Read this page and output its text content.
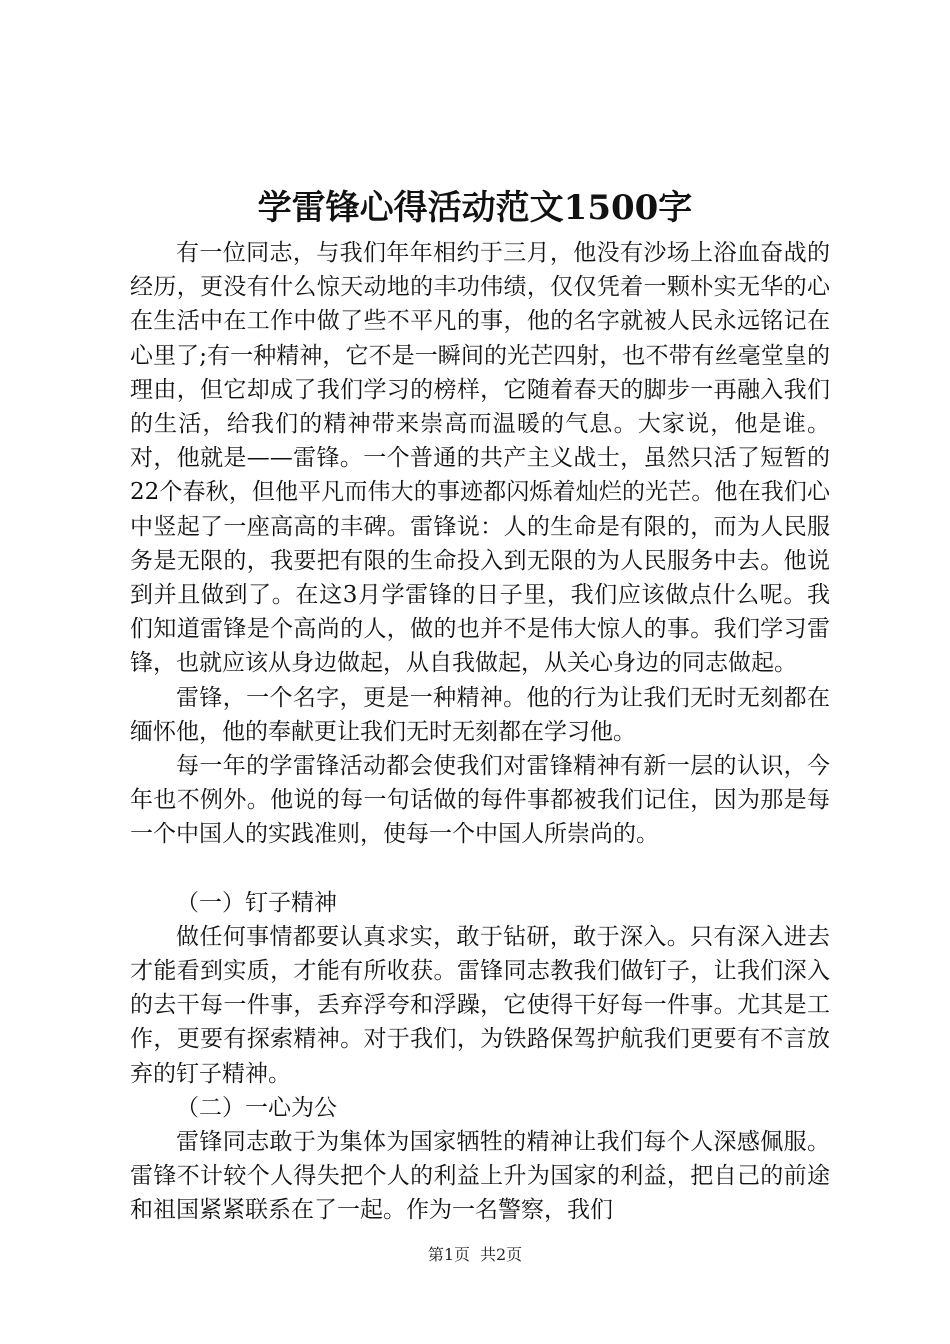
学雷锋心得活动范文1500字

有一位同志，与我们年年相约于三月，他没有沙场上浴血奋战的经历，更没有什么惊天动地的丰功伟绩，仅仅凭着一颗朴实无华的心在生活中在工作中做了些不平凡的事，他的名字就被人民永远铭记在心里了;有一种精神，它不是一瞬间的光芒四射，也不带有丝毫堂皇的理由，但它却成了我们学习的榜样，它随着春天的脚步一再融入我们的生活，给我们的精神带来崇高而温暖的气息。大家说，他是谁。对，他就是——雷锋。一个普通的共产主义战士，虽然只活了短暂的22个春秋，但他平凡而伟大的事迹都闪烁着灿烂的光芒。他在我们心中竖起了一座高高的丰碑。雷锋说：人的生命是有限的，而为人民服务是无限的，我要把有限的生命投入到无限的为人民服务中去。他说到并且做到了。在这3月学雷锋的日子里，我们应该做点什么呢。我们知道雷锋是个高尚的人，做的也并不是伟大惊人的事。我们学习雷锋，也就应该从身边做起，从自我做起，从关心身边的同志做起。

雷锋，一个名字，更是一种精神。他的行为让我们无时无刻都在缅怀他，他的奉献更让我们无时无刻都在学习他。

每一年的学雷锋活动都会使我们对雷锋精神有新一层的认识，今年也不例外。他说的每一句话做的每件事都被我们记住，因为那是每一个中国人的实践准则，使每一个中国人所崇尚的。

（一）钉子精神

做任何事情都要认真求实，敢于钻研，敢于深入。只有深入进去才能看到实质，才能有所收获。雷锋同志教我们做钉子，让我们深入的去干每一件事，丢弃浮夸和浮躁，它使得干好每一件事。尤其是工作，更要有探索精神。对于我们，为铁路保驾护航我们更要有不言放弃的钉子精神。

（二）一心为公

雷锋同志敢于为集体为国家牺牲的精神让我们每个人深感佩服。雷锋不计较个人得失把个人的利益上升为国家的利益，把自己的前途和祖国紧紧联系在了一起。作为一名警察，我们

第1页 共2页
